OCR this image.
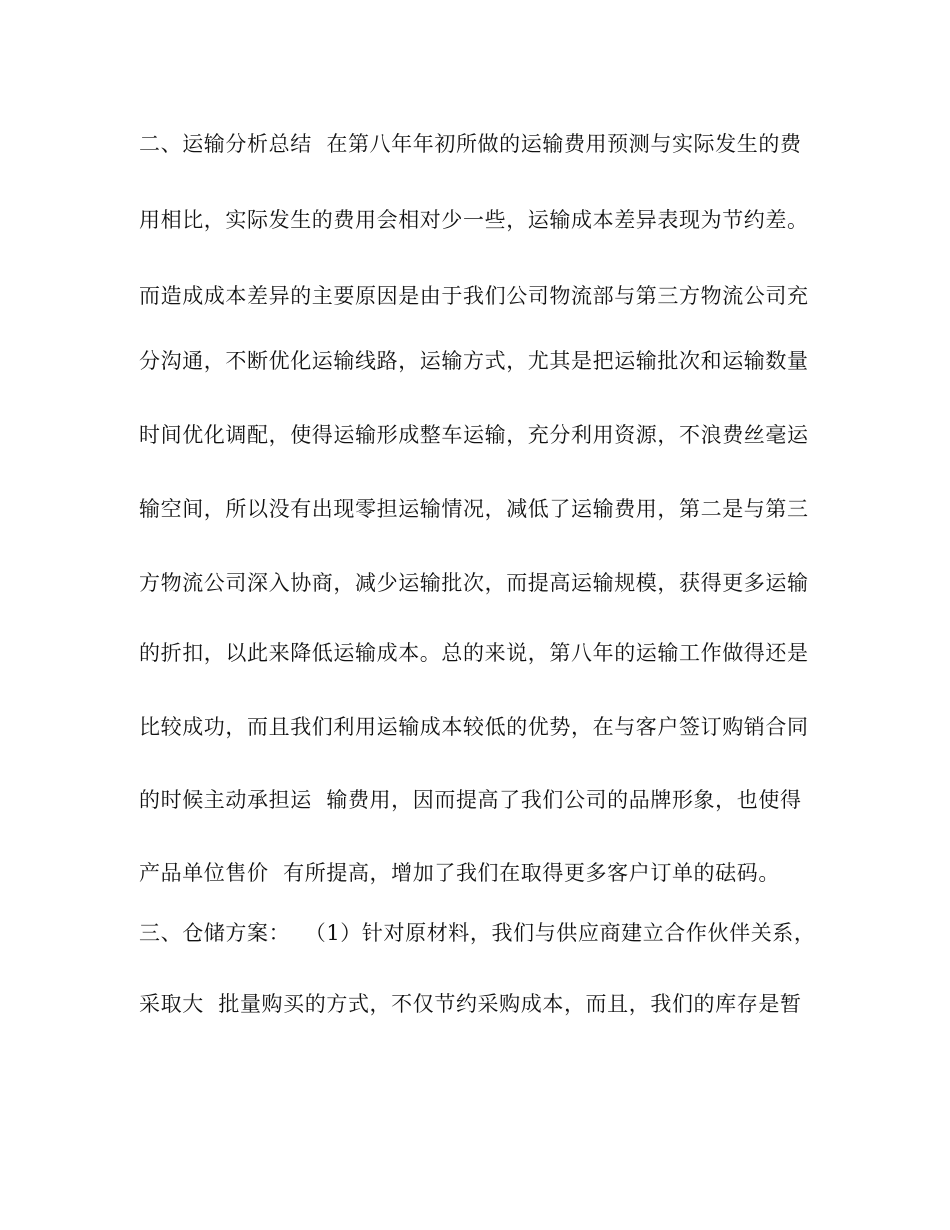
二、运输分析总结  在第八年年初所做的运输费用预测与实际发生的费
用相比，实际发生的费用会相对少一些，运输成本差异表现为节约差。
而造成成本差异的主要原因是由于我们公司物流部与第三方物流公司充
分沟通，不断优化运输线路，运输方式，尤其是把运输批次和运输数量
时间优化调配，使得运输形成整车运输，充分利用资源，不浪费丝毫运
输空间，所以没有出现零担运输情况，减低了运输费用，第二是与第三
方物流公司深入协商，减少运输批次，而提高运输规模，获得更多运输
的折扣，以此来降低运输成本。总的来说，第八年的运输工作做得还是
比较成功，而且我们利用运输成本较低的优势，在与客户签订购销合同
的时候主动承担运  输费用，因而提高了我们公司的品牌形象，也使得
产品单位售价  有所提高，增加了我们在取得更多客户订单的砝码。
三、仓储方案：  （1）针对原材料，我们与供应商建立合作伙伴关系，
采取大  批量购买的方式，不仅节约采购成本，而且，我们的库存是暂
